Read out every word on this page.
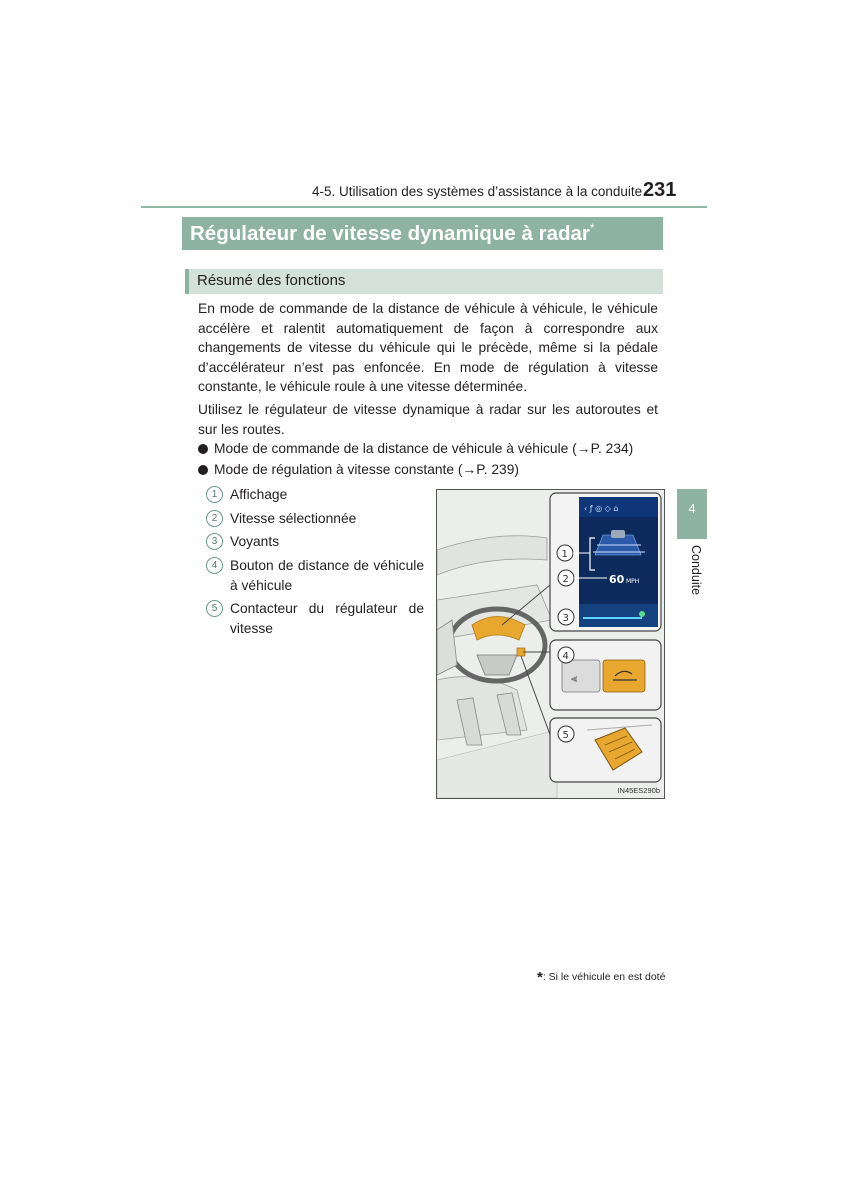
4-5. Utilisation des systèmes d’assistance à la conduite 231
Régulateur de vitesse dynamique à radar*
Résumé des fonctions
En mode de commande de la distance de véhicule à véhicule, le véhicule accélère et ralentit automatiquement de façon à correspondre aux changements de vitesse du véhicule qui le précède, même si la pédale d’accélérateur n’est pas enfoncée. En mode de régulation à vitesse constante, le véhicule roule à une vitesse déterminée.
Utilisez le régulateur de vitesse dynamique à radar sur les autoroutes et sur les routes.
Mode de commande de la distance de véhicule à véhicule (→P. 234)
Mode de régulation à vitesse constante (→P. 239)
1 Affichage
2 Vitesse sélectionnée
3 Voyants
4 Bouton de distance de véhicule à véhicule
5 Contacteur du régulateur de vitesse
‹ ƒ ◎ ◇ ⌂
60 MPH
1
2
3
⫷
4
5
IN45ES290b
4
Conduite
*: Si le véhicule en est doté
